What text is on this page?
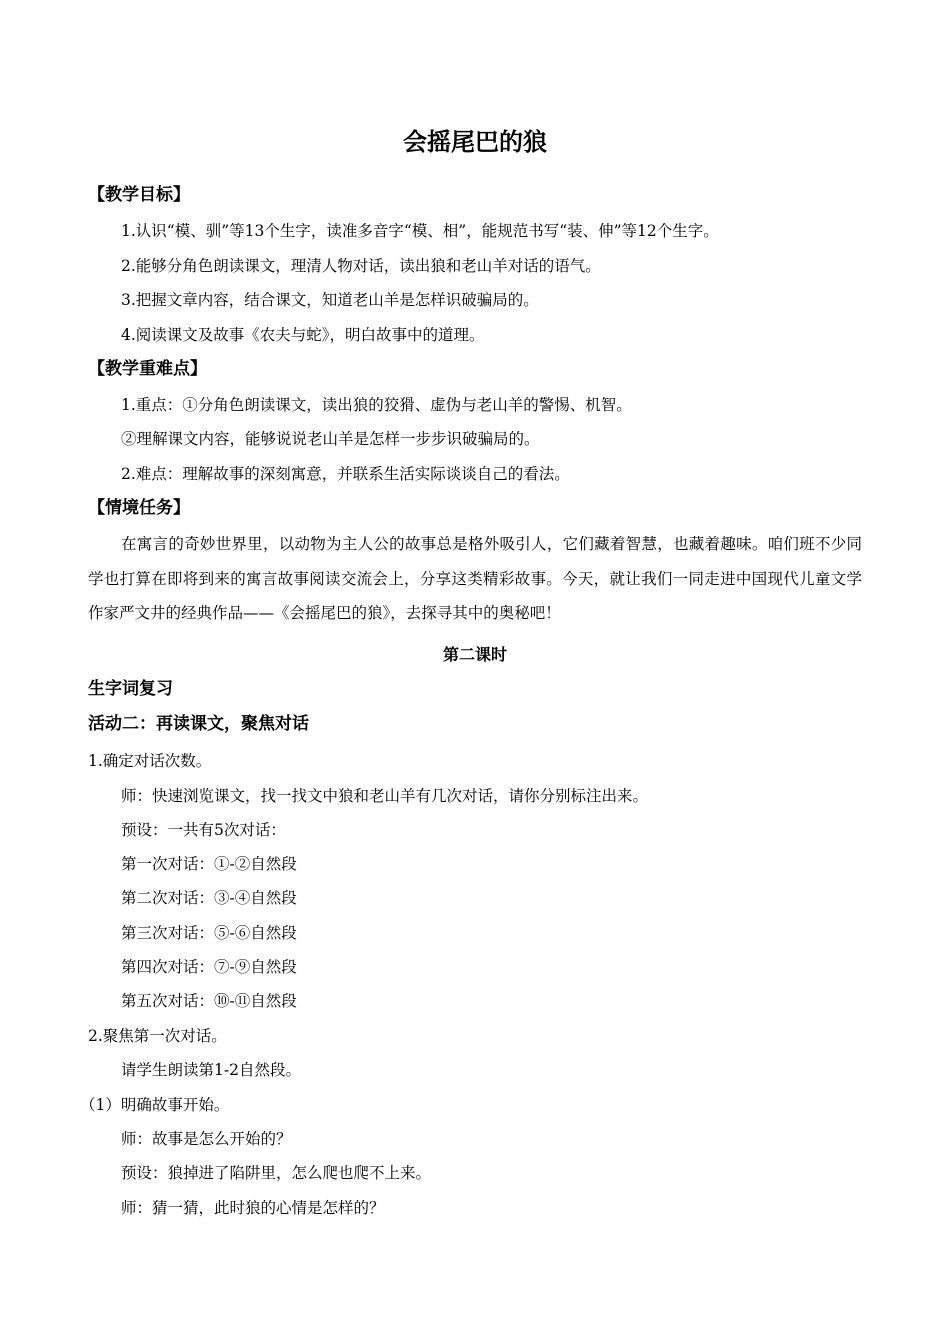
会摇尾巴的狼
【教学目标】
1.认识“模、驯”等13个生字，读准多音字“模、相”，能规范书写“装、伸”等12个生字。
2.能够分角色朗读课文，理清人物对话，读出狼和老山羊对话的语气。
3.把握文章内容，结合课文，知道老山羊是怎样识破骗局的。
4.阅读课文及故事《农夫与蛇》，明白故事中的道理。
【教学重难点】
1.重点：①分角色朗读课文，读出狼的狡猾、虚伪与老山羊的警惕、机智。
②理解课文内容，能够说说老山羊是怎样一步步识破骗局的。
2.难点：理解故事的深刻寓意，并联系生活实际谈谈自己的看法。
【情境任务】
在寓言的奇妙世界里，以动物为主人公的故事总是格外吸引人，它们藏着智慧，也藏着趣味。咱们班不少同学也打算在即将到来的寓言故事阅读交流会上，分享这类精彩故事。今天，就让我们一同走进中国现代儿童文学作家严文井的经典作品——《会摇尾巴的狼》，去探寻其中的奥秘吧！
第二课时
生字词复习
活动二：再读课文，聚焦对话
1.确定对话次数。
师：快速浏览课文，找一找文中狼和老山羊有几次对话，请你分别标注出来。
预设：一共有5次对话：
第一次对话：①-②自然段
第二次对话：③-④自然段
第三次对话：⑤-⑥自然段
第四次对话：⑦-⑨自然段
第五次对话：⑩-⑪自然段
2.聚焦第一次对话。
请学生朗读第1-2自然段。
（1）明确故事开始。
师：故事是怎么开始的？
预设：狼掉进了陷阱里，怎么爬也爬不上来。
师：猜一猜，此时狼的心情是怎样的？
